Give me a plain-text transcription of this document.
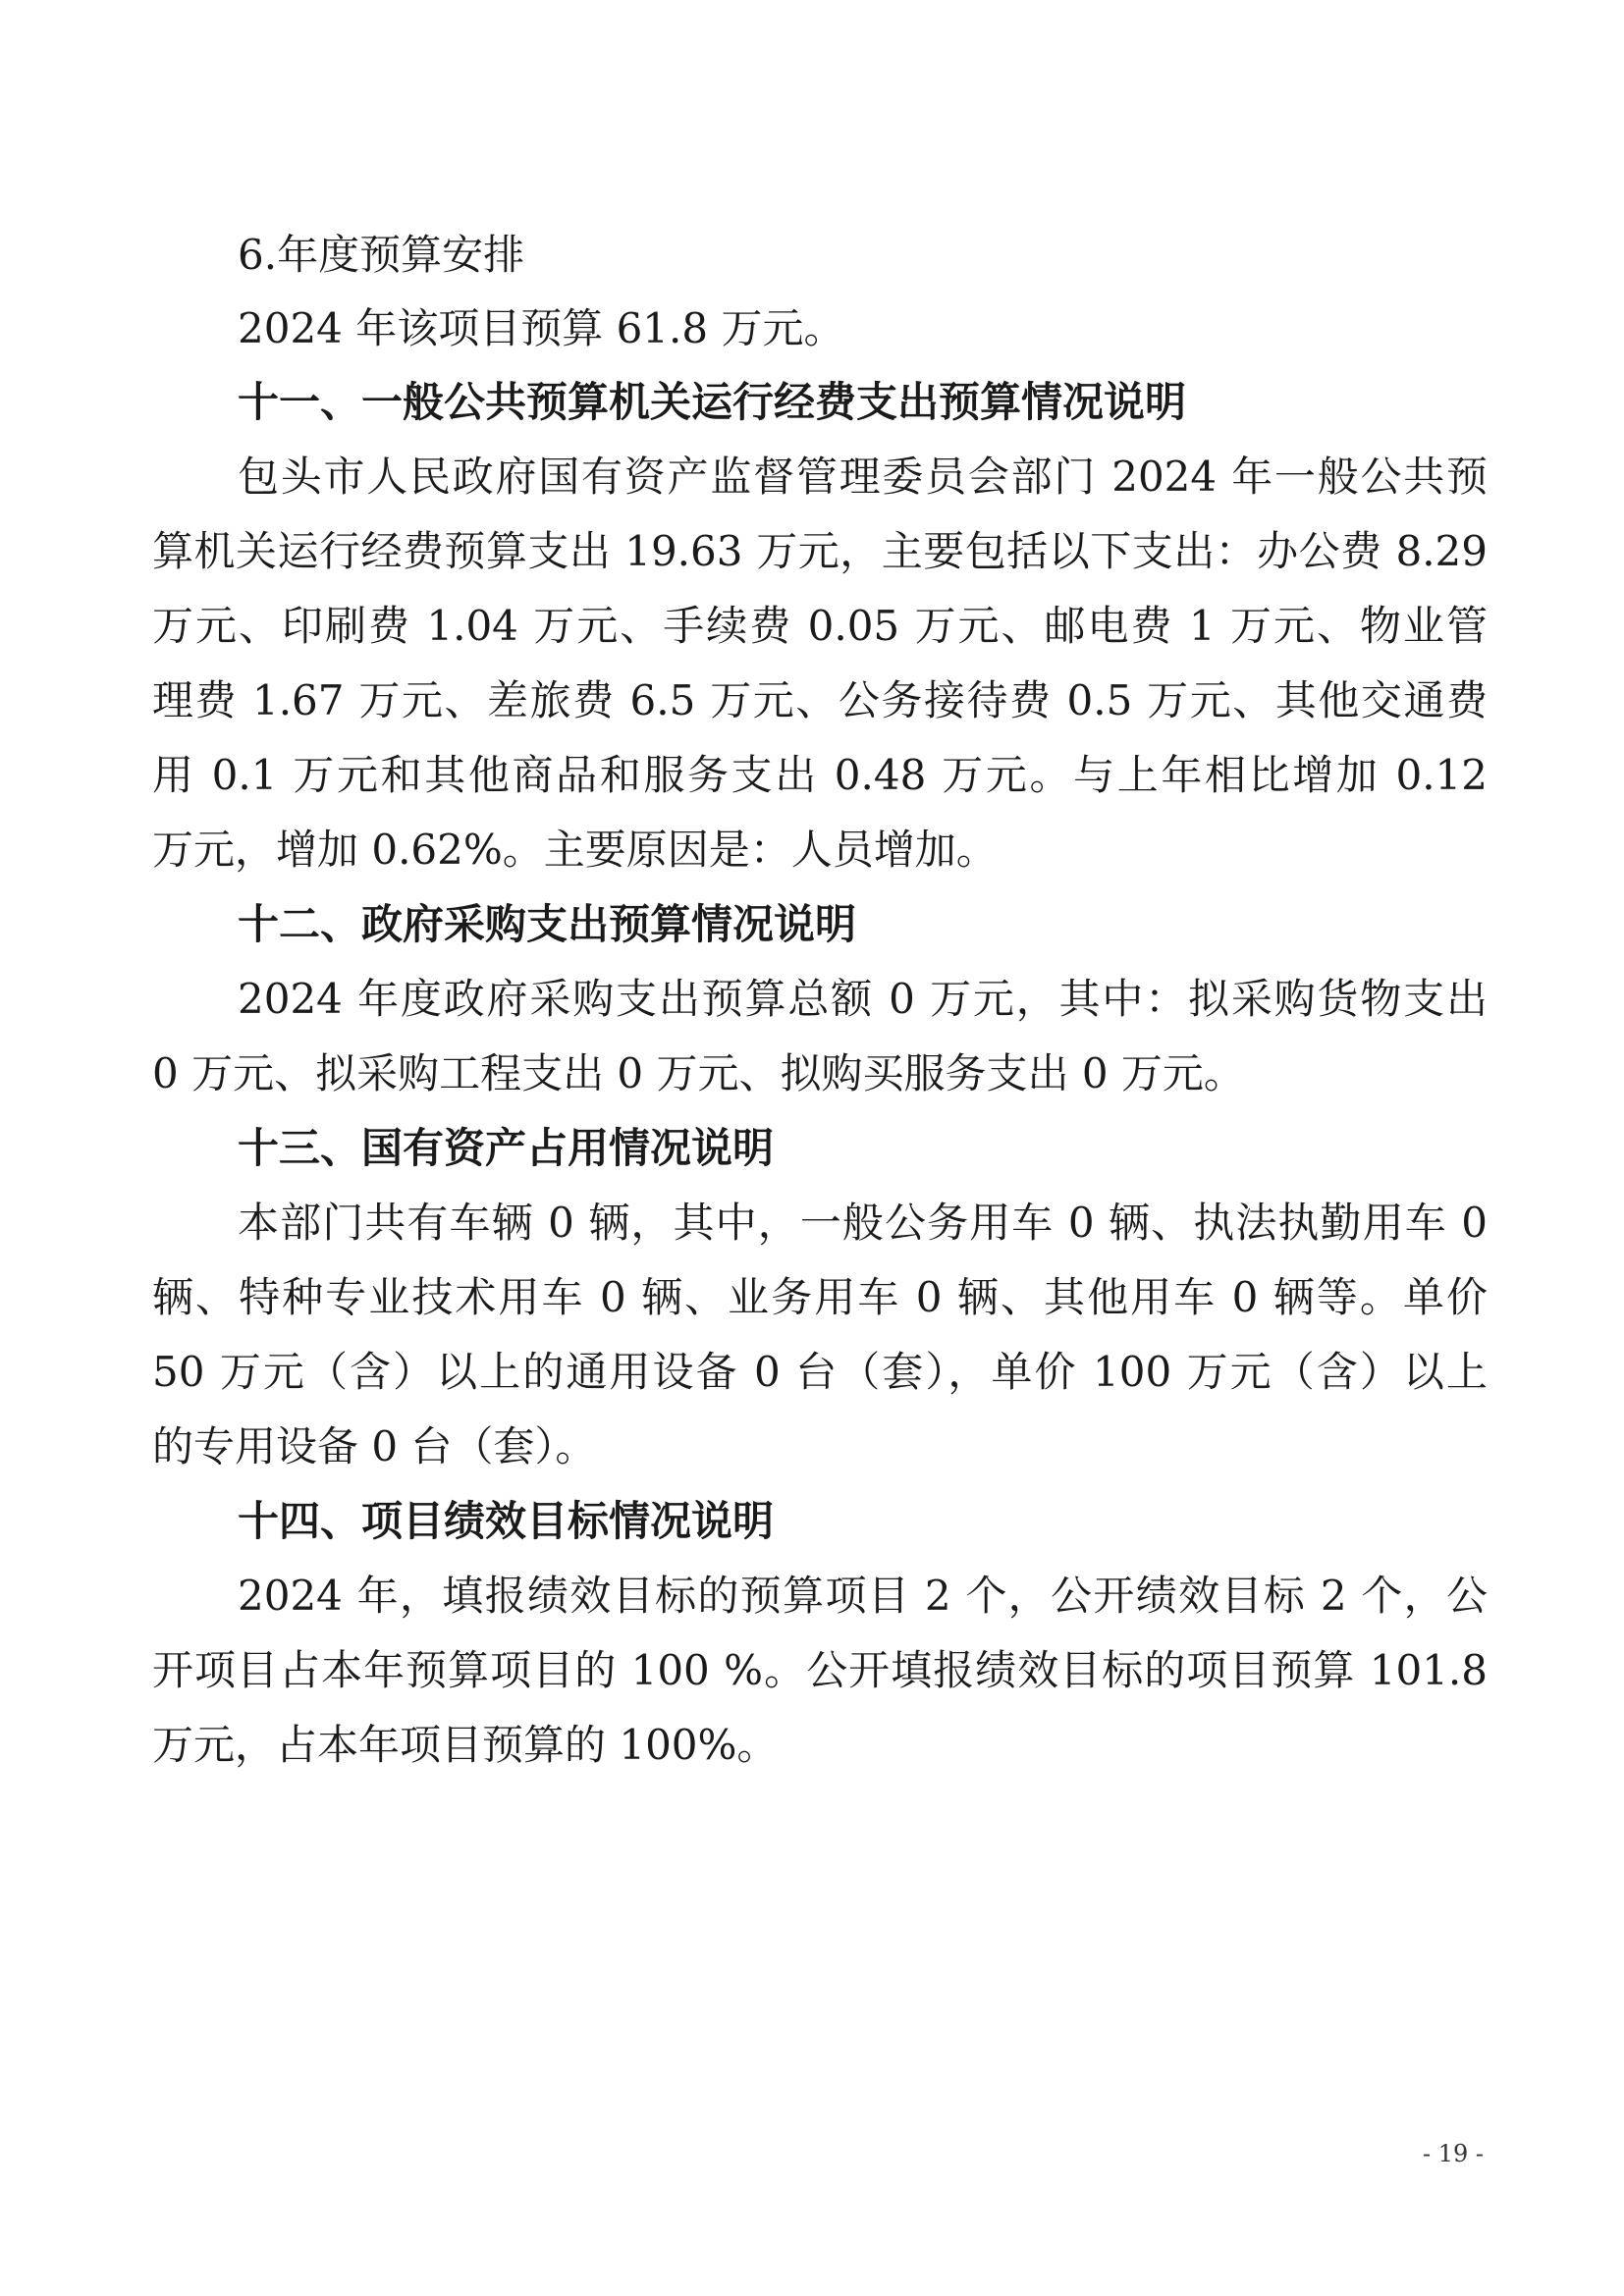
6.年度预算安排
2024 年该项目预算 61.8 万元。
十一、一般公共预算机关运行经费支出预算情况说明
包头市人民政府国有资产监督管理委员会部门 2024 年一般公共预
算机关运行经费预算支出 19.63 万元，主要包括以下支出：办公费 8.29
万元、印刷费 1.04 万元、手续费 0.05 万元、邮电费 1 万元、物业管
理费 1.67 万元、差旅费 6.5 万元、公务接待费 0.5 万元、其他交通费
用 0.1 万元和其他商品和服务支出 0.48 万元。与上年相比增加 0.12
万元，增加 0.62%。主要原因是：人员增加。
十二、政府采购支出预算情况说明
2024 年度政府采购支出预算总额 0 万元，其中：拟采购货物支出
0 万元、拟采购工程支出 0 万元、拟购买服务支出 0 万元。
十三、国有资产占用情况说明
本部门共有车辆 0 辆，其中，一般公务用车 0 辆、执法执勤用车 0
辆、特种专业技术用车 0 辆、业务用车 0 辆、其他用车 0 辆等。单价
50 万元（含）以上的通用设备 0 台（套），单价 100 万元（含）以上
的专用设备 0 台（套）。
十四、项目绩效目标情况说明
2024 年，填报绩效目标的预算项目 2 个，公开绩效目标 2 个，公
开项目占本年预算项目的 100 %。公开填报绩效目标的项目预算 101.8
万元，占本年项目预算的 100%。
- 19 -
